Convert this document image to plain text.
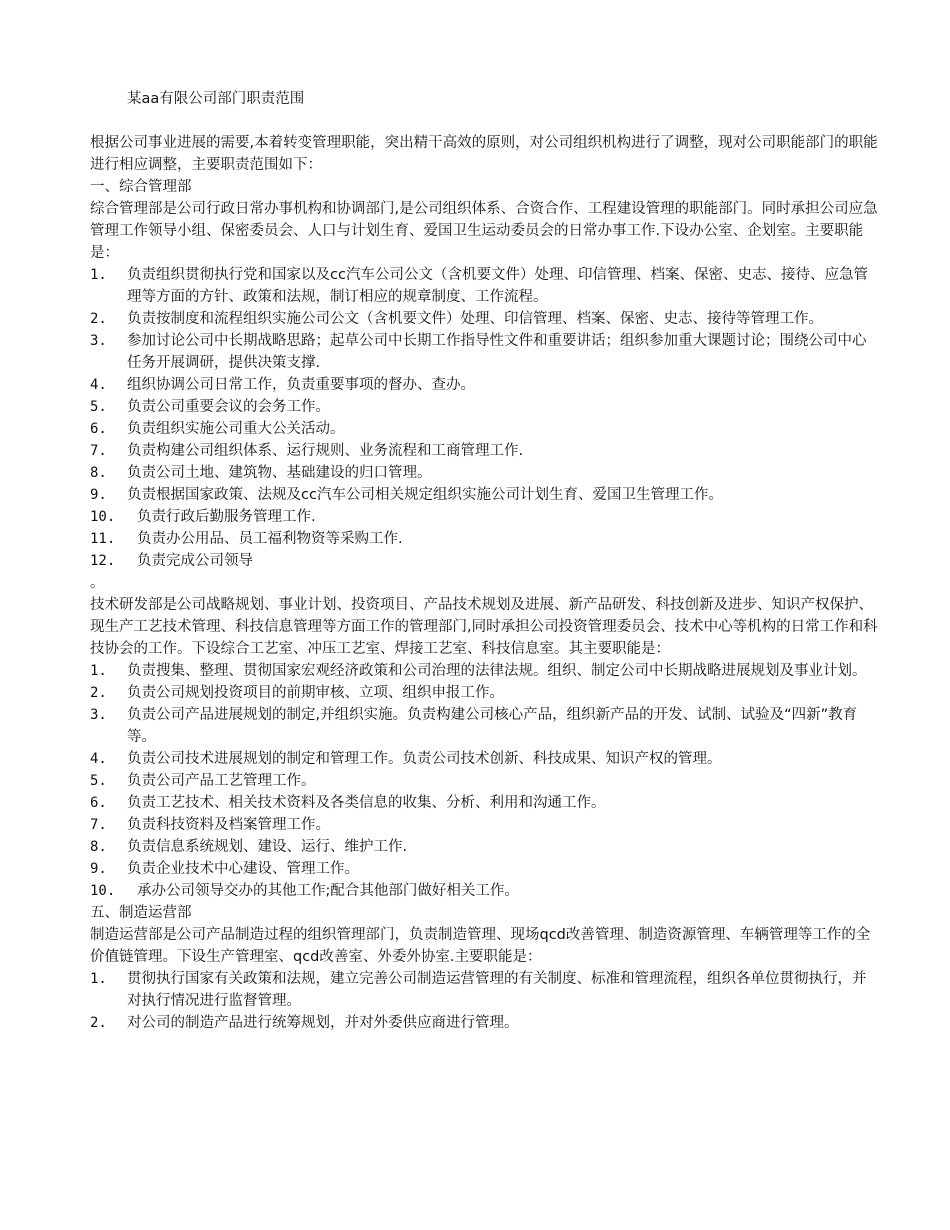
某aa有限公司部门职责范围

根据公司事业进展的需要,本着转变管理职能，突出精干高效的原则，对公司组织机构进行了调整，现对公司职能部门的职能进行相应调整，主要职责范围如下：

一、综合管理部

综合管理部是公司行政日常办事机构和协调部门,是公司组织体系、合资合作、工程建设管理的职能部门。同时承担公司应急管理工作领导小组、保密委员会、人口与计划生育、爱国卫生运动委员会的日常办事工作.下设办公室、企划室。主要职能是：

1. 负责组织贯彻执行党和国家以及cc汽车公司公文（含机要文件）处理、印信管理、档案、保密、史志、接待、应急管理等方面的方针、政策和法规，制订相应的规章制度、工作流程。
2. 负责按制度和流程组织实施公司公文（含机要文件）处理、印信管理、档案、保密、史志、接待等管理工作。
3. 参加讨论公司中长期战略思路；起草公司中长期工作指导性文件和重要讲话；组织参加重大课题讨论；围绕公司中心任务开展调研，提供决策支撑.
4. 组织协调公司日常工作，负责重要事项的督办、查办。
5. 负责公司重要会议的会务工作。
6. 负责组织实施公司重大公关活动。
7. 负责构建公司组织体系、运行规则、业务流程和工商管理工作.
8. 负责公司土地、建筑物、基础建设的归口管理。
9. 负责根据国家政策、法规及cc汽车公司相关规定组织实施公司计划生育、爱国卫生管理工作。
10. 负责行政后勤服务管理工作.
11. 负责办公用品、员工福利物资等采购工作.
12. 负责完成公司领导

。

技术研发部是公司战略规划、事业计划、投资项目、产品技术规划及进展、新产品研发、科技创新及进步、知识产权保护、现生产工艺技术管理、科技信息管理等方面工作的管理部门,同时承担公司投资管理委员会、技术中心等机构的日常工作和科技协会的工作。下设综合工艺室、冲压工艺室、焊接工艺室、科技信息室。其主要职能是：

1. 负责搜集、整理、贯彻国家宏观经济政策和公司治理的法律法规。组织、制定公司中长期战略进展规划及事业计划。
2. 负责公司规划投资项目的前期审核、立项、组织申报工作。
3. 负责公司产品进展规划的制定,并组织实施。负责构建公司核心产品，组织新产品的开发、试制、试验及“四新”教育等。
4. 负责公司技术进展规划的制定和管理工作。负责公司技术创新、科技成果、知识产权的管理。
5. 负责公司产品工艺管理工作。
6. 负责工艺技术、相关技术资料及各类信息的收集、分析、利用和沟通工作。
7. 负责科技资料及档案管理工作。
8. 负责信息系统规划、建设、运行、维护工作.
9. 负责企业技术中心建设、管理工作。
10. 承办公司领导交办的其他工作;配合其他部门做好相关工作。

五、制造运营部

制造运营部是公司产品制造过程的组织管理部门，负责制造管理、现场qcd改善管理、制造资源管理、车辆管理等工作的全价值链管理。下设生产管理室、qcd改善室、外委外协室.主要职能是：

1. 贯彻执行国家有关政策和法规，建立完善公司制造运营管理的有关制度、标准和管理流程，组织各单位贯彻执行，并对执行情况进行监督管理。
2. 对公司的制造产品进行统筹规划，并对外委供应商进行管理。
